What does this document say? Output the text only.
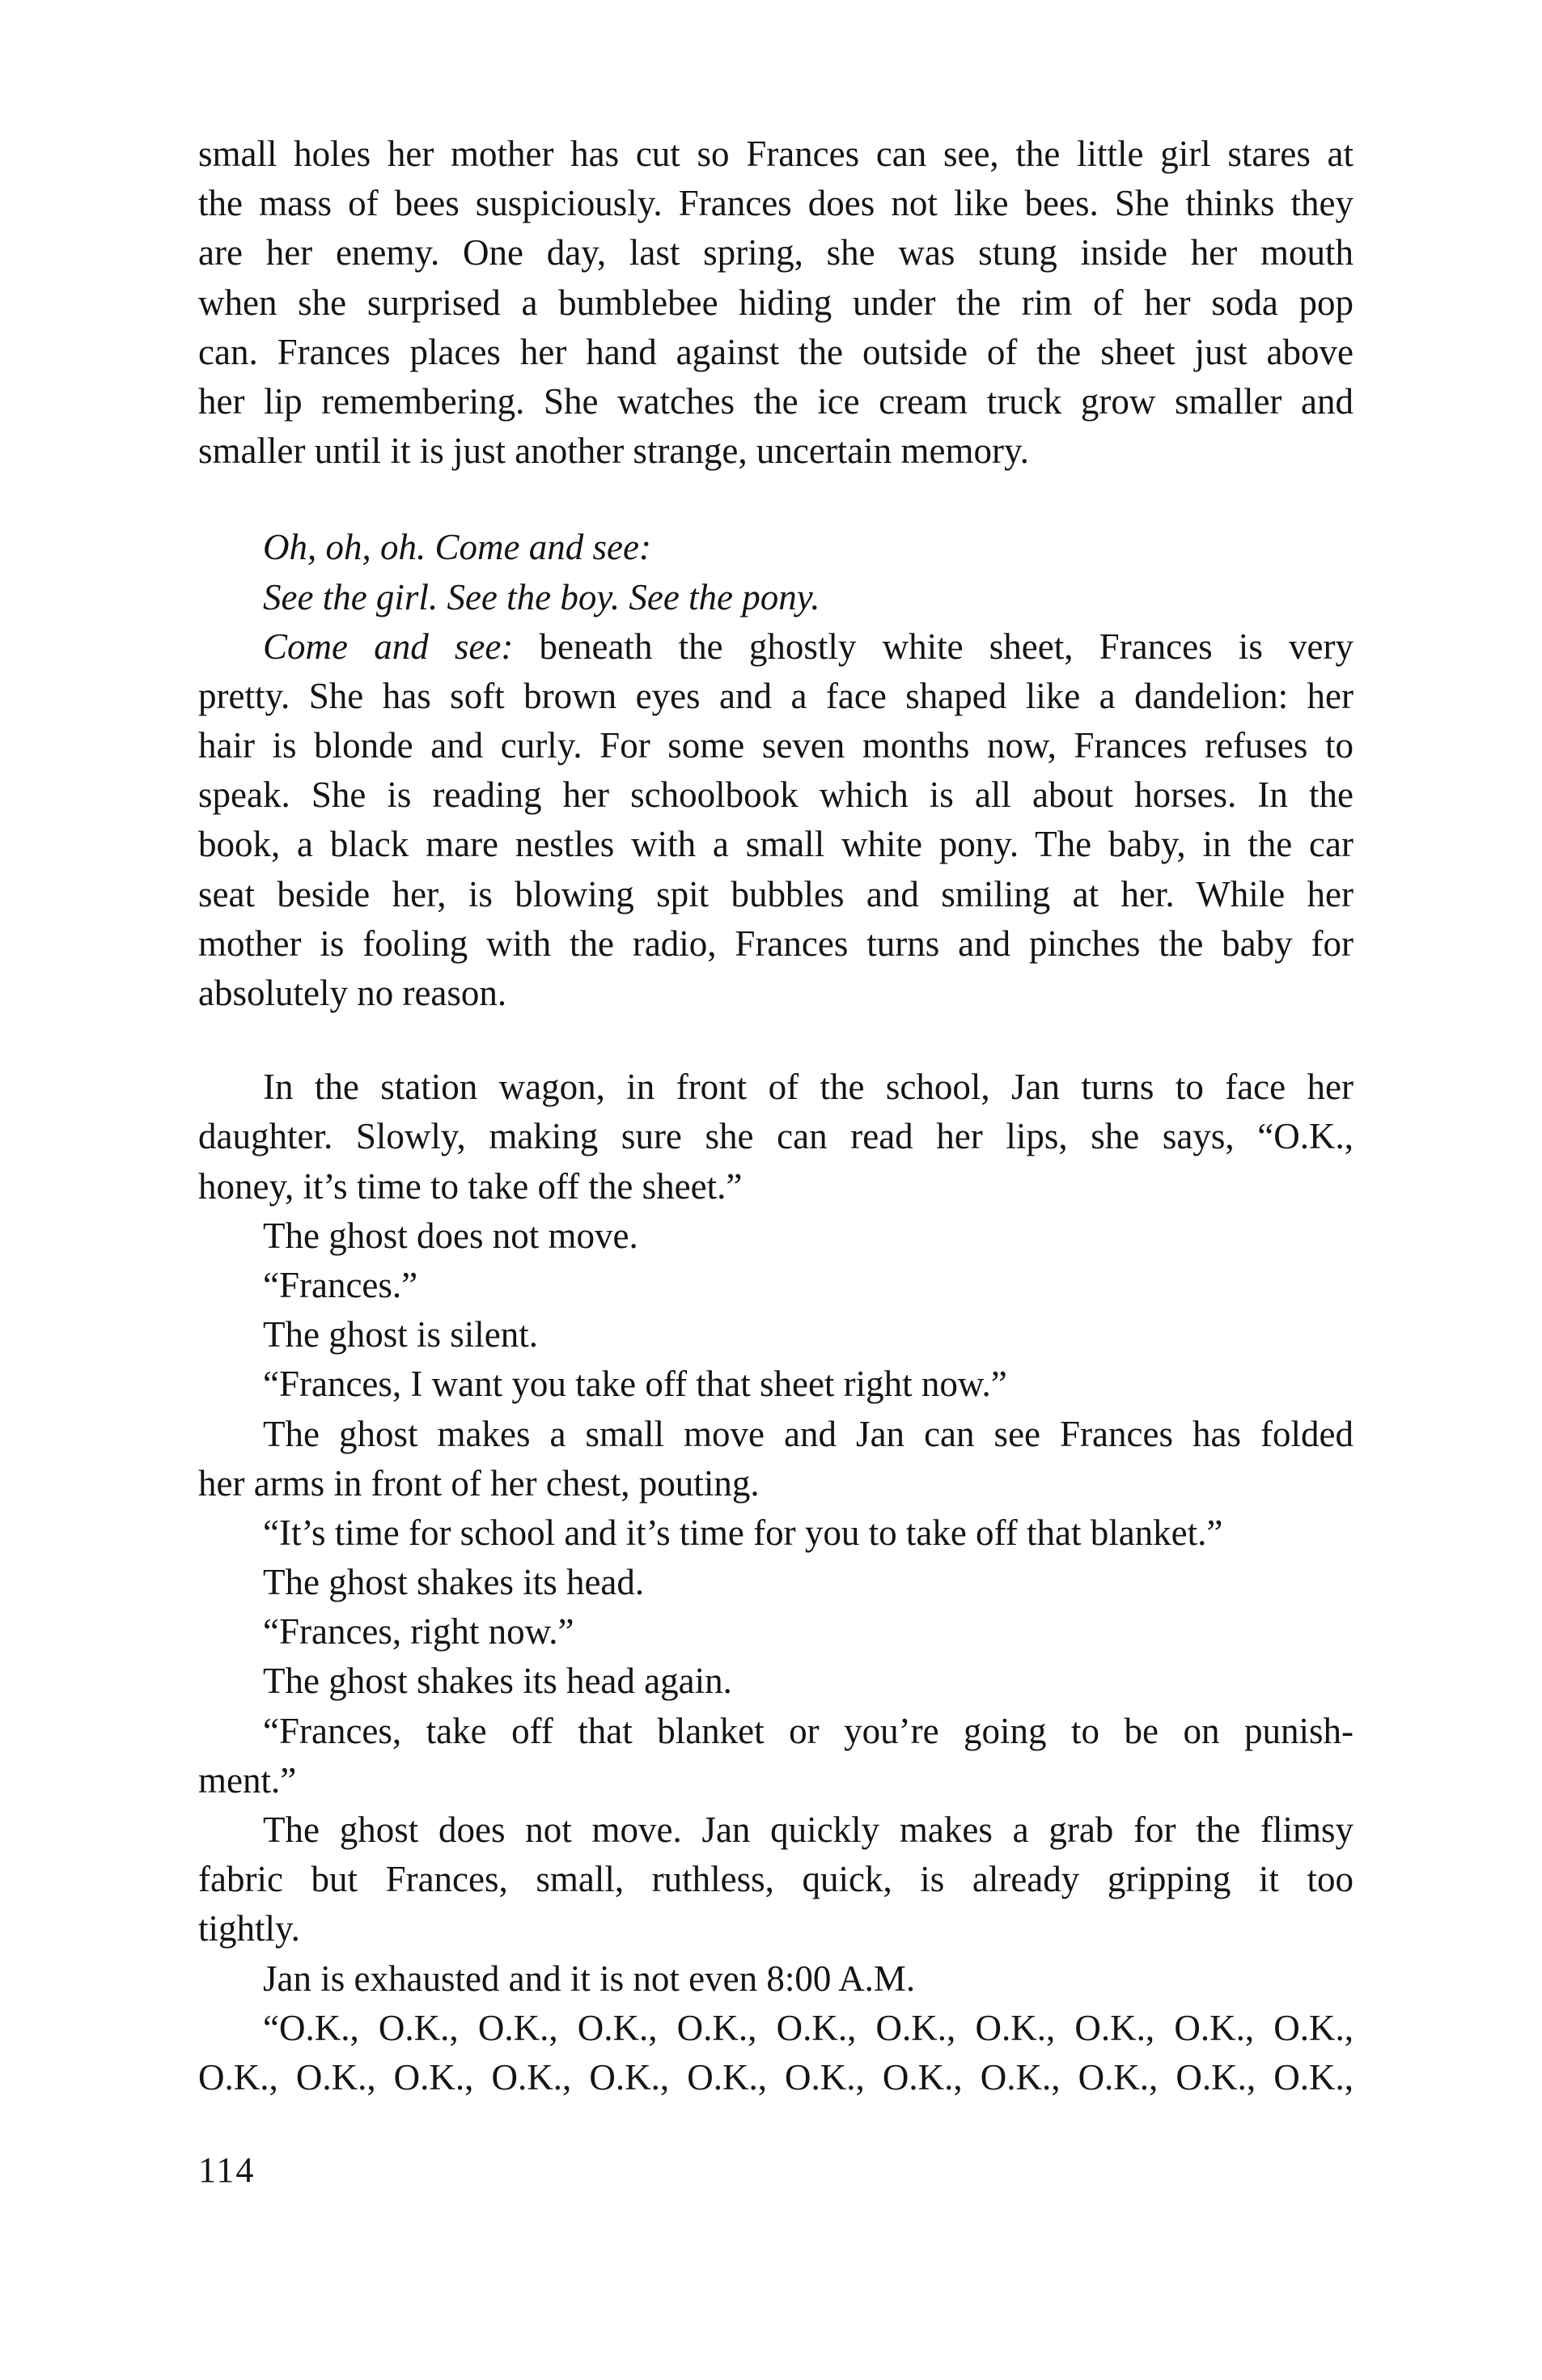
small holes her mother has cut so Frances can see, the little girl stares at
the mass of bees suspiciously. Frances does not like bees. She thinks they
are her enemy. One day, last spring, she was stung inside her mouth
when she surprised a bumblebee hiding under the rim of her soda pop
can. Frances places her hand against the outside of the sheet just above
her lip remembering. She watches the ice cream truck grow smaller and
smaller until it is just another strange, uncertain memory.
Oh, oh, oh. Come and see:
See the girl. See the boy. See the pony.
Come and see: beneath the ghostly white sheet, Frances is very
pretty. She has soft brown eyes and a face shaped like a dandelion: her
hair is blonde and curly. For some seven months now, Frances refuses to
speak. She is reading her schoolbook which is all about horses. In the
book, a black mare nestles with a small white pony. The baby, in the car
seat beside her, is blowing spit bubbles and smiling at her. While her
mother is fooling with the radio, Frances turns and pinches the baby for
absolutely no reason.
In the station wagon, in front of the school, Jan turns to face her
daughter. Slowly, making sure she can read her lips, she says, “O.K.,
honey, it’s time to take off the sheet.”
The ghost does not move.
“Frances.”
The ghost is silent.
“Frances, I want you take off that sheet right now.”
The ghost makes a small move and Jan can see Frances has folded
her arms in front of her chest, pouting.
“It’s time for school and it’s time for you to take off that blanket.”
The ghost shakes its head.
“Frances, right now.”
The ghost shakes its head again.
“Frances, take off that blanket or you’re going to be on punish-
ment.”
The ghost does not move. Jan quickly makes a grab for the flimsy
fabric but Frances, small, ruthless, quick, is already gripping it too
tightly.
Jan is exhausted and it is not even 8:00 A.M.
“O.K., O.K., O.K., O.K., O.K., O.K., O.K., O.K., O.K., O.K., O.K.,
O.K., O.K., O.K., O.K., O.K., O.K., O.K., O.K., O.K., O.K., O.K., O.K.,
114
